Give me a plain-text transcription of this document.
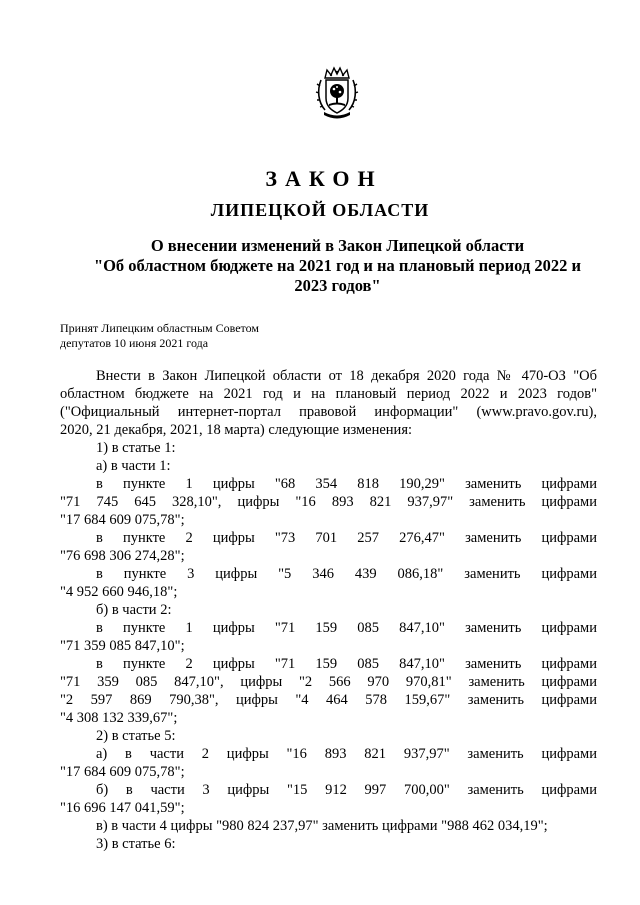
ЗАКОН
ЛИПЕЦКОЙ ОБЛАСТИ
О внесении изменений в Закон Липецкой области
"Об областном бюджете на 2021 год и на плановый период 2022 и
2023 годов"
Принят Липецким областным Советом
депутатов 10 июня 2021 года

Внести в Закон Липецкой области от 18 декабря 2020 года № 470-ОЗ "Об

областном бюджете на 2021 год и на плановый период 2022 и 2023 годов"

("Официальный интернет-портал правовой информации" (www.pravo.gov.ru),

2020, 21 декабря, 2021, 18 марта) следующие изменения:

1) в статье 1:

а) в части 1:

в пункте 1 цифры "68 354 818 190,29" заменить цифрами

"71 745 645 328,10", цифры "16 893 821 937,97" заменить цифрами

"17 684 609 075,78";

в пункте 2 цифры "73 701 257 276,47" заменить цифрами

"76 698 306 274,28";

в пункте 3 цифры "5 346 439 086,18" заменить цифрами

"4 952 660 946,18";

б) в части 2:

в пункте 1 цифры "71 159 085 847,10" заменить цифрами

"71 359 085 847,10";

в пункте 2 цифры "71 159 085 847,10" заменить цифрами

"71 359 085 847,10", цифры "2 566 970 970,81" заменить цифрами

"2 597 869 790,38", цифры "4 464 578 159,67" заменить цифрами

"4 308 132 339,67";

2) в статье 5:

а) в части 2 цифры "16 893 821 937,97" заменить цифрами

"17 684 609 075,78";

б) в части 3 цифры "15 912 997 700,00" заменить цифрами

"16 696 147 041,59";

в) в части 4 цифры "980 824 237,97" заменить цифрами "988 462 034,19";

3) в статье 6:
